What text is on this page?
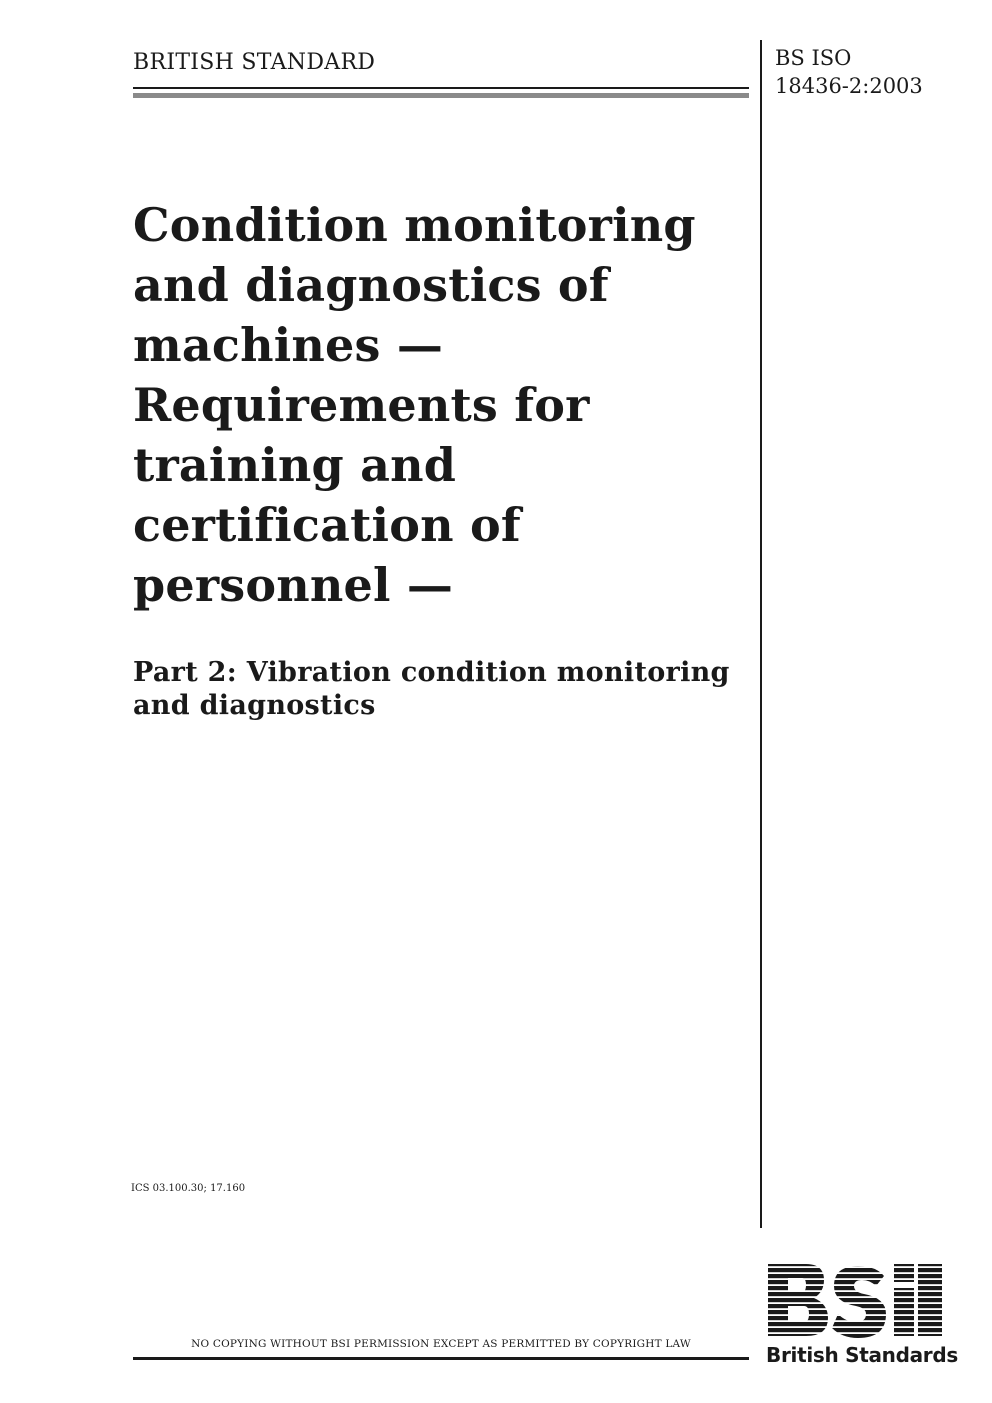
BRITISH STANDARD	BS ISO
18436-2:2003
Condition monitoring and diagnostics of machines — Requirements for training and certification of personnel —
Part 2: Vibration condition monitoring and diagnostics
ICS 03.100.30; 17.160
NO COPYING WITHOUT BSI PERMISSION EXCEPT AS PERMITTED BY COPYRIGHT LAW	British Standards
